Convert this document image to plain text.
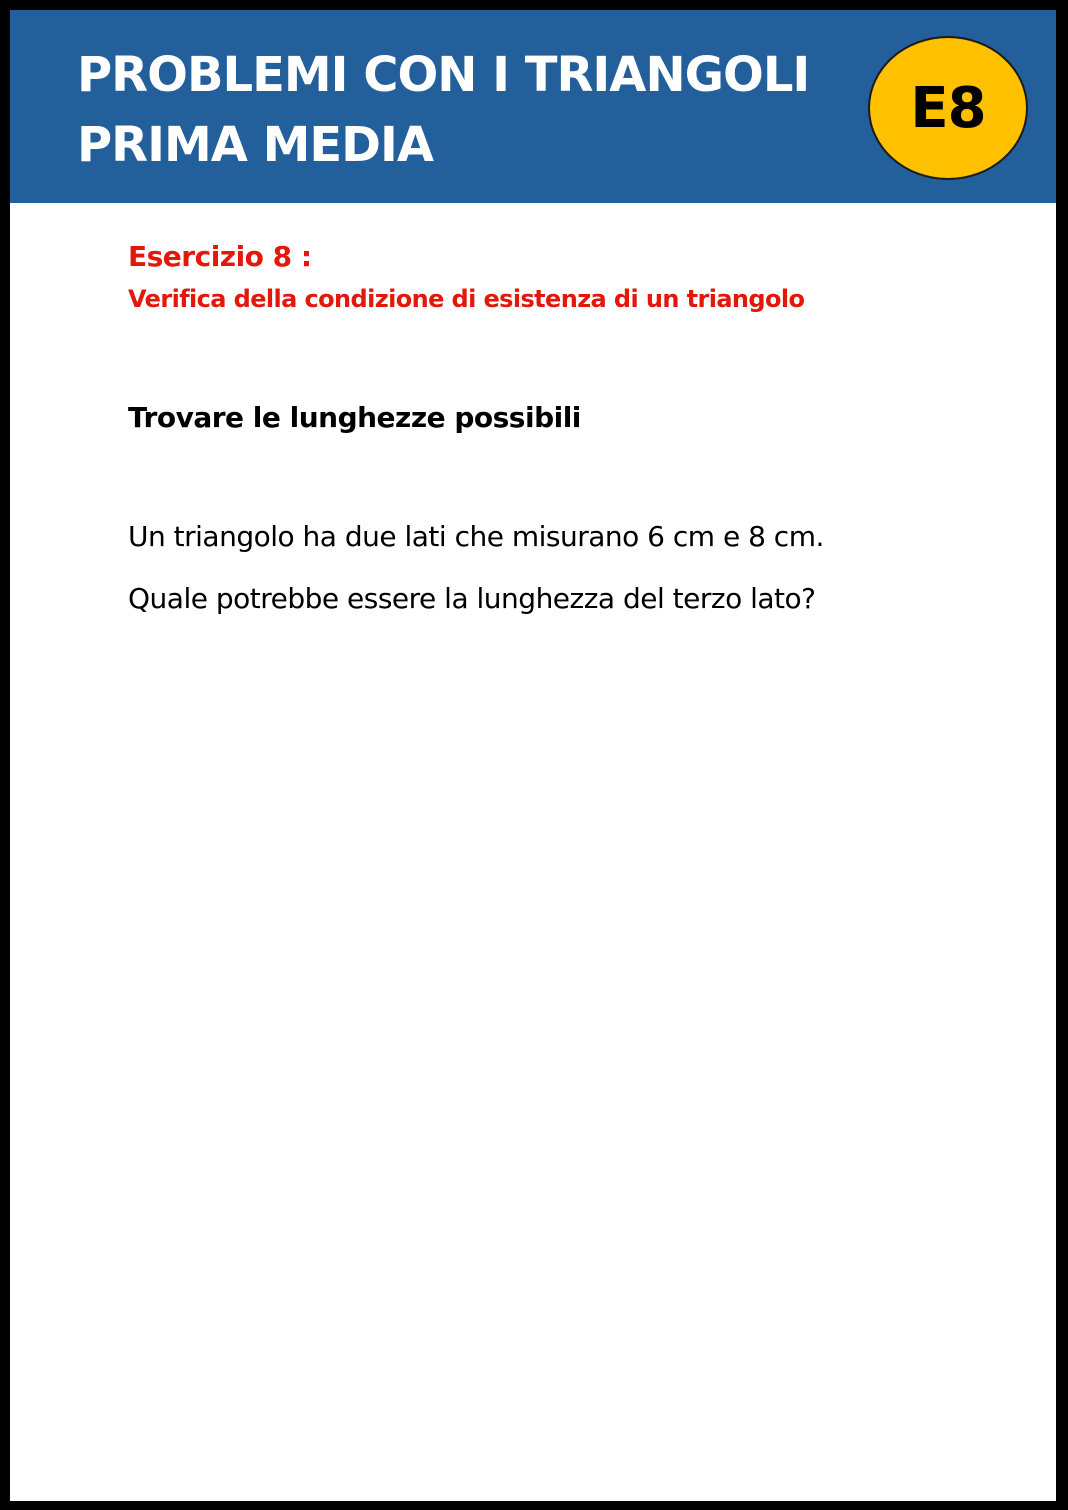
PROBLEMI CON I TRIANGOLI
PRIMA MEDIA
E8

Esercizio 8 :

Verifica della condizione di esistenza di un triangolo

Trovare le lunghezze possibili

Un triangolo ha due lati che misurano 6 cm e 8 cm.
Quale potrebbe essere la lunghezza del terzo lato?
